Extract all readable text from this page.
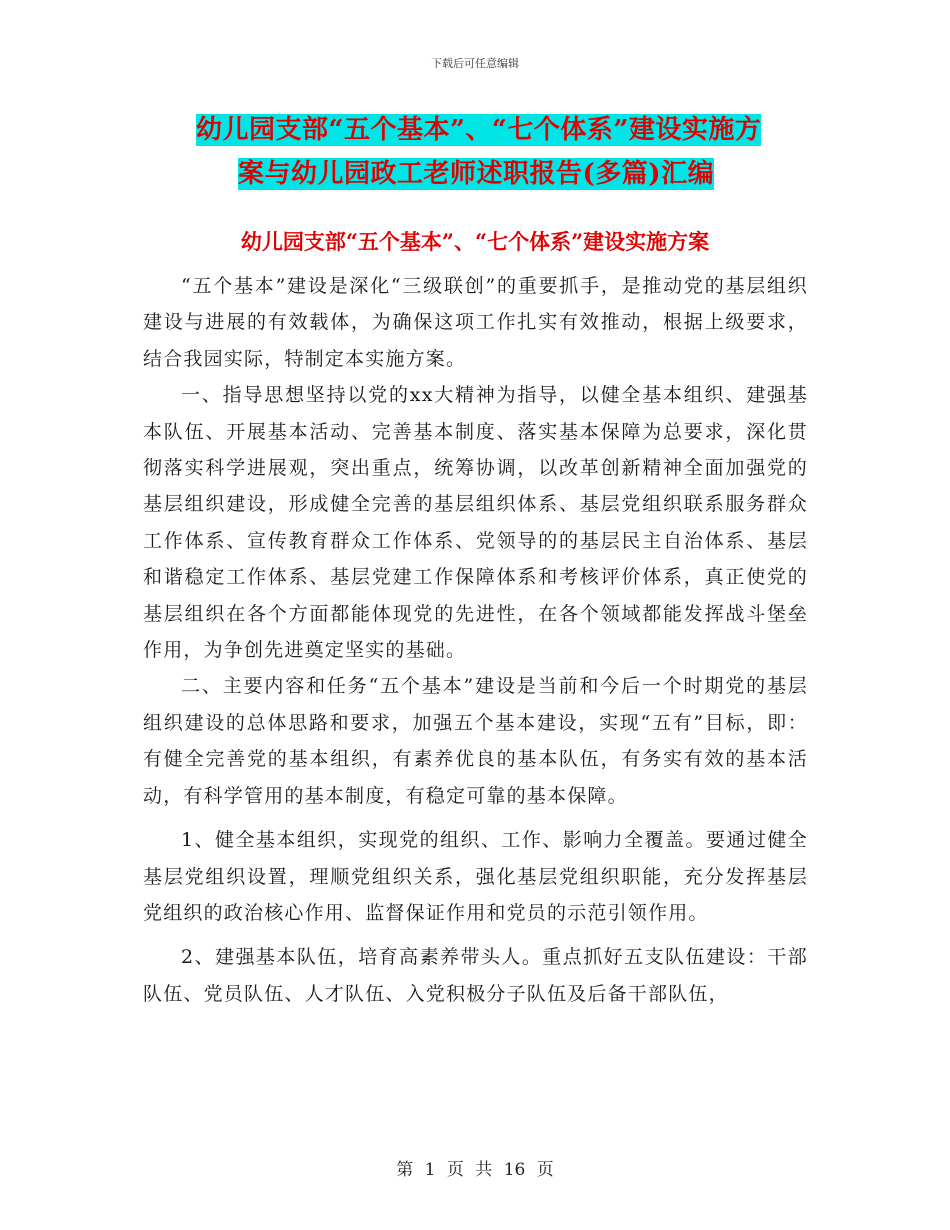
下载后可任意编辑
幼儿园支部“五个基本”、“七个体系”建设实施方
案与幼儿园政工老师述职报告(多篇)汇编
幼儿园支部“五个基本”、“七个体系”建设实施方案

“五个基本”建设是深化“三级联创”的重要抓手，是推动党的基层组织建设与进展的有效载体，为确保这项工作扎实有效推动，根据上级要求，结合我园实际，特制定本实施方案。

一、指导思想坚持以党的xx大精神为指导，以健全基本组织、建强基本队伍、开展基本活动、完善基本制度、落实基本保障为总要求，深化贯彻落实科学进展观，突出重点，统筹协调，以改革创新精神全面加强党的基层组织建设，形成健全完善的基层组织体系、基层党组织联系服务群众工作体系、宣传教育群众工作体系、党领导的的基层民主自治体系、基层和谐稳定工作体系、基层党建工作保障体系和考核评价体系，真正使党的基层组织在各个方面都能体现党的先进性，在各个领域都能发挥战斗堡垒作用，为争创先进奠定坚实的基础。

二、主要内容和任务“五个基本”建设是当前和今后一个时期党的基层组织建设的总体思路和要求，加强五个基本建设，实现“五有”目标，即：有健全完善党的基本组织，有素养优良的基本队伍，有务实有效的基本活动，有科学管用的基本制度，有稳定可靠的基本保障。

1、健全基本组织，实现党的组织、工作、影响力全覆盖。要通过健全基层党组织设置，理顺党组织关系，强化基层党组织职能，充分发挥基层党组织的政治核心作用、监督保证作用和党员的示范引领作用。

2、建强基本队伍，培育高素养带头人。重点抓好五支队伍建设：干部队伍、党员队伍、人才队伍、入党积极分子队伍及后备干部队伍，

第 1 页 共 16 页
